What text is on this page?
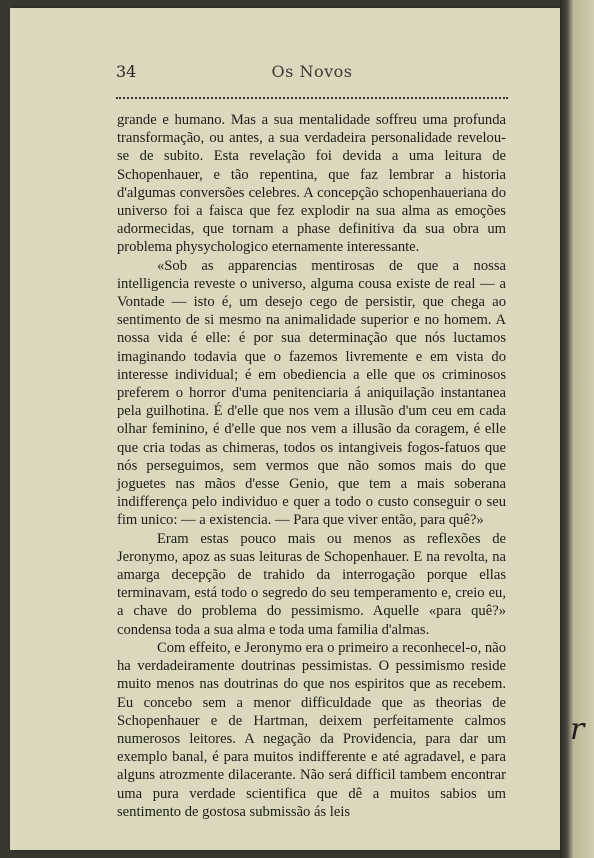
34	Os Novos

grande e humano. Mas a sua mentalidade soffreu uma profunda transformação, ou antes, a sua verdadeira personalidade revelou-se de subito. Esta revelação foi devida a uma leitura de Schopenhauer, e tão repentina, que faz lembrar a historia d'algumas conversões celebres. A concepção schopenhaueriana do universo foi a faisca que fez explodir na sua alma as emoções adormecidas, que tornam a phase definitiva da sua obra um problema physychologico eternamente interessante.

«Sob as apparencias mentirosas de que a nossa intelligencia reveste o universo, alguma cousa existe de real — a Vontade — isto é, um desejo cego de persistir, que chega ao sentimento de si mesmo na animalidade superior e no homem. A nossa vida é elle: é por sua determinação que nós luctamos imaginando todavia que o fazemos livremente e em vista do interesse individual; é em obediencia a elle que os criminosos preferem o horror d'uma penitenciaria á aniquilação instantanea pela guilhotina. É d'elle que nos vem a illusão d'um ceu em cada olhar feminino, é d'elle que nos vem a illusão da coragem, é elle que cria todas as chimeras, todos os intangiveis fogos-fatuos que nós perseguimos, sem vermos que não somos mais do que joguetes nas mãos d'esse Genio, que tem a mais soberana indifferença pelo individuo e quer a todo o custo conseguir o seu fim unico: — a existencia. — Para que viver então, para quê?»

Eram estas pouco mais ou menos as reflexões de Jeronymo, apoz as suas leituras de Schopenhauer. E na revolta, na amarga decepção de trahido da interrogação porque ellas terminavam, está todo o segredo do seu temperamento e, creio eu, a chave do problema do pessimismo. Aquelle «para quê?» condensa toda a sua alma e toda uma familia d'almas.

Com effeito, e Jeronymo era o primeiro a reconhecel-o, não ha verdadeiramente doutrinas pessimistas. O pessimismo reside muito menos nas doutrinas do que nos espiritos que as recebem. Eu concebo sem a menor difficuldade que as theorias de Schopenhauer e de Hartman, deixem perfeitamente calmos numerosos leitores. A negação da Providencia, para dar um exemplo banal, é para muitos indifferente e até agradavel, e para alguns atrozmente dilacerante. Não será difficil tambem encontrar uma pura verdade scientifica que dê a muitos sabios um sentimento de gostosa submissão ás leis

r
